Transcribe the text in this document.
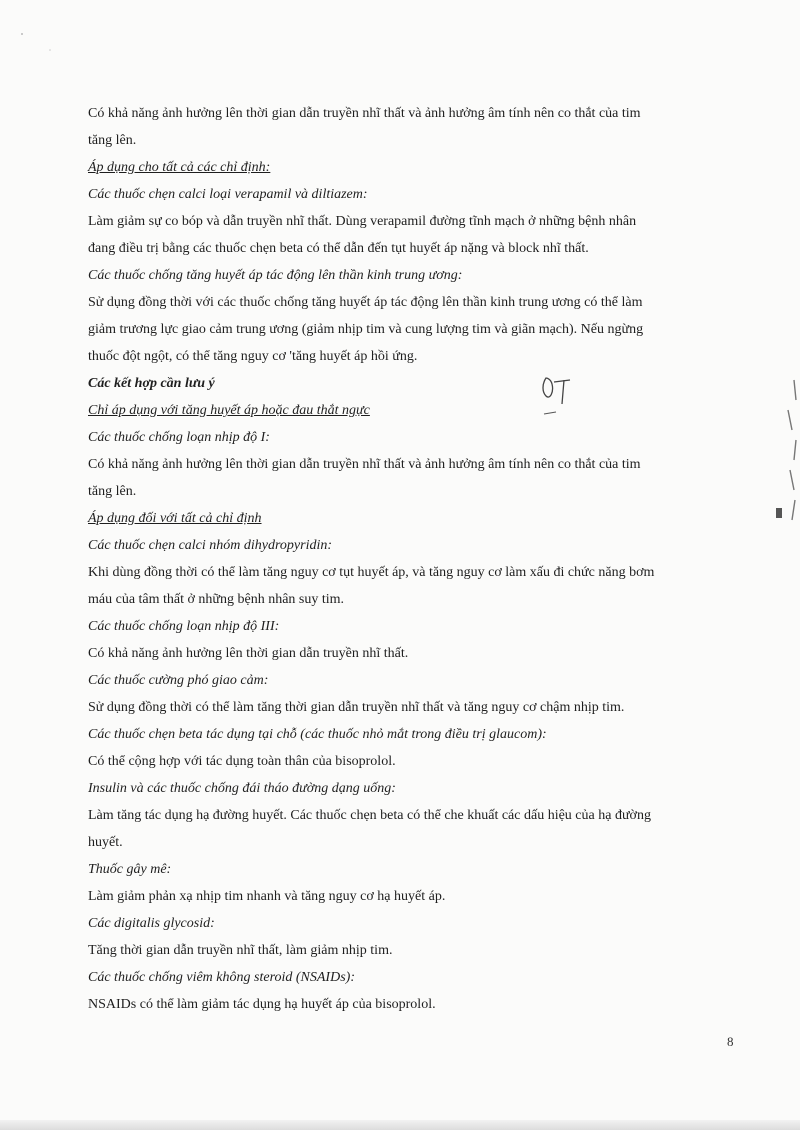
Có khả năng ảnh hưởng lên thời gian dẫn truyền nhĩ thất và ảnh hưởng âm tính nên co thắt của tim

tăng lên.

Áp dụng cho tất cả các chỉ định:

Các thuốc chẹn calci loại verapamil và diltiazem:

Làm giảm sự co bóp và dẫn truyền nhĩ thất. Dùng verapamil đường tĩnh mạch ở những bệnh nhân

đang điều trị bằng các thuốc chẹn beta có thể dẫn đến tụt huyết áp nặng và block nhĩ thất.

Các thuốc chống tăng huyết áp tác động lên thần kinh trung ương:

Sử dụng đồng thời với các thuốc chống tăng huyết áp tác động lên thần kinh trung ương có thể làm

giảm trương lực giao cảm trung ương (giảm nhịp tim và cung lượng tim và giãn mạch). Nếu ngừng

thuốc đột ngột, có thể tăng nguy cơ 'tăng huyết áp hồi ứng.

Các kết hợp cần lưu ý

Chỉ áp dụng với tăng huyết áp hoặc đau thắt ngực

Các thuốc chống loạn nhịp độ I:

Có khả năng ảnh hưởng lên thời gian dẫn truyền nhĩ thất và ảnh hưởng âm tính nên co thắt của tim

tăng lên.

Áp dụng đối với tất cả chỉ định

Các thuốc chẹn calci nhóm dihydropyridin:

Khi dùng đồng thời có thể làm tăng nguy cơ tụt huyết áp, và tăng nguy cơ làm xấu đi chức năng bơm

máu của tâm thất ở những bệnh nhân suy tim.

Các thuốc chống loạn nhịp độ III:

Có khả năng ảnh hưởng lên thời gian dẫn truyền nhĩ thất.

Các thuốc cường phó giao cảm:

Sử dụng đồng thời có thể làm tăng thời gian dẫn truyền nhĩ thất và tăng nguy cơ chậm nhịp tim.

Các thuốc chẹn beta tác dụng tại chỗ (các thuốc nhỏ mắt trong điều trị glaucom):

Có thể cộng hợp với tác dụng toàn thân của bisoprolol.

Insulin và các thuốc chống đái tháo đường dạng uống:

Làm tăng tác dụng hạ đường huyết. Các thuốc chẹn beta có thể che khuất các dấu hiệu của hạ đường

huyết.

Thuốc gây mê:

Làm giảm phản xạ nhịp tim nhanh và tăng nguy cơ hạ huyết áp.

Các digitalis glycosid:

Tăng thời gian dẫn truyền nhĩ thất, làm giảm nhịp tim.

Các thuốc chống viêm không steroid (NSAIDs):

NSAIDs có thể làm giảm tác dụng hạ huyết áp của bisoprolol.

8
